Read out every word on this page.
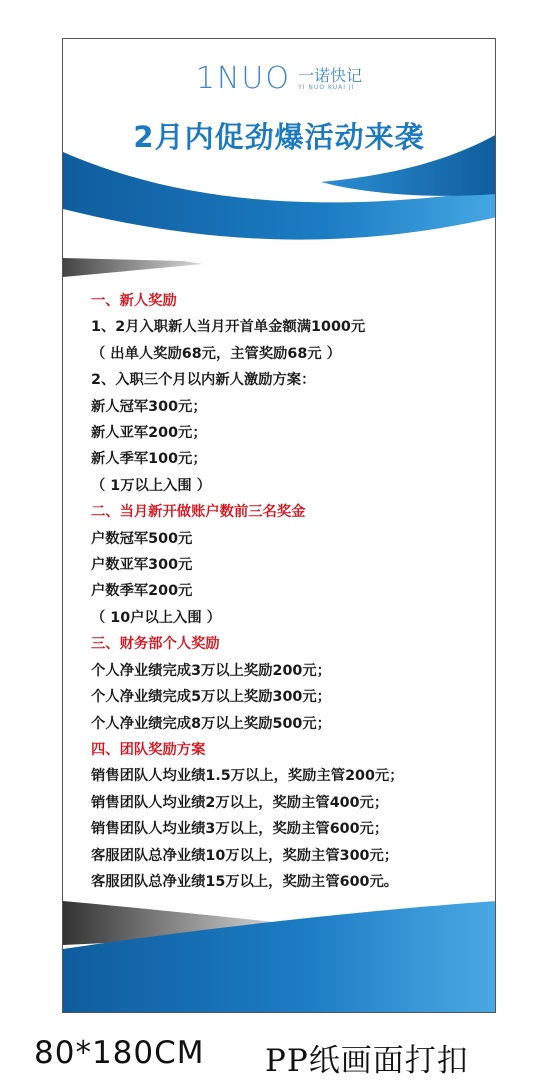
1NUO 一诺快记
YI NUO KUAI JI
2月内促劲爆活动来袭
一、新人奖励
1、2月入职新人当月开首单金额满1000元
（ 出单人奖励68元，主管奖励68元 ）
2、入职三个月以内新人激励方案：
新人冠军300元；
新人亚军200元；
新人季军100元；
（ 1万以上入围 ）
二、当月新开做账户数前三名奖金
户数冠军500元
户数亚军300元
户数季军200元
（ 10户以上入围 ）
三、财务部个人奖励
个人净业绩完成3万以上奖励200元；
个人净业绩完成5万以上奖励300元；
个人净业绩完成8万以上奖励500元；
四、团队奖励方案
销售团队人均业绩1.5万以上，奖励主管200元；
销售团队人均业绩2万以上，奖励主管400元；
销售团队人均业绩3万以上，奖励主管600元；
客服团队总净业绩10万以上，奖励主管300元；
客服团队总净业绩15万以上，奖励主管600元。
80*180CM PP纸画面打扣
